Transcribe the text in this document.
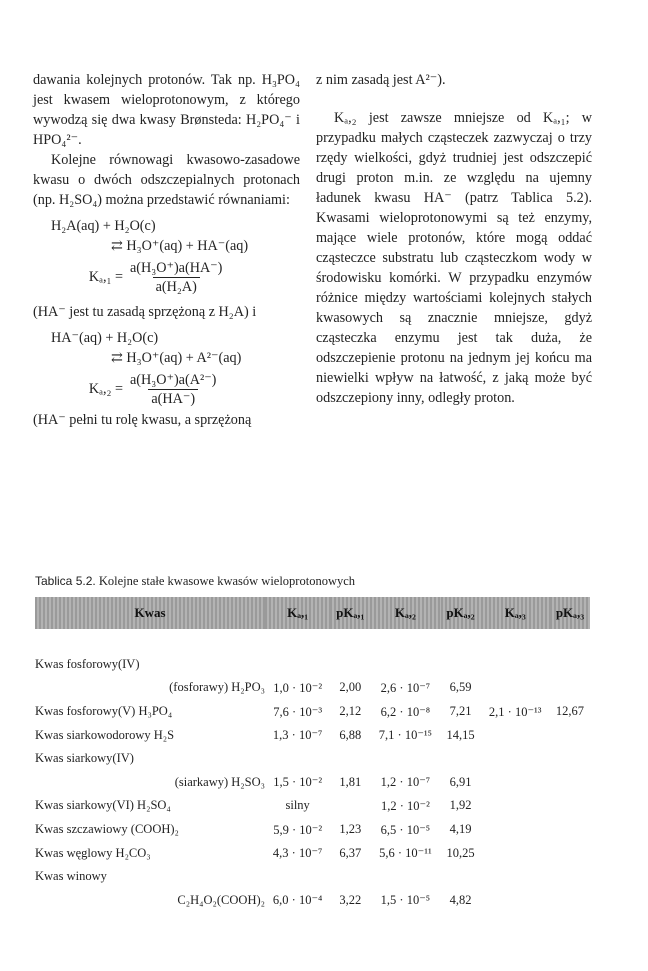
dawania kolejnych protonów. Tak np. H₃PO₄ jest kwasem wieloprotonowym, z którego wywodzą się dwa kwasy Brønsteda: H₂PO₄⁻ i HPO₄²⁻.

Kolejne równowagi kwasowo-zasadowe kwasu o dwóch odszczepialnych protonach (np. H₂SO₄) można przedstawić równaniami:

H₂A(aq) + H₂O(c)
⇄ H₃O⁺(aq) + HA⁻(aq)
$K_a,_1 = \frac{\text{a(H₃O⁺)a(HA⁻)}}{\text{a(H₂A)}}$

(HA⁻ jest tu zasadą sprzężoną z H₂A) i

HA⁻(aq) + H₂O(c)
⇄ H₃O⁺(aq) + A²⁻(aq)
$K_a,_2 = \frac{\text{a(H₃O⁺)a(A²⁻)}}{a(HA^-)}$

(HA⁻ pełni tu rolę kwasu, a sprzężoną

z nim zasadą jest A²⁻).

Kₐ,₂ jest zawsze mniejsze od Kₐ,₁; w przypadku małych cząsteczek zazwyczaj o trzy rzędy wielkości, gdyż trudniej jest odszczepić drugi proton m.in. ze względu na ujemny ładunek kwasu HA⁻ (patrz Tablica 5.2). Kwasami wieloprotonowymi są też enzymy, mające wiele protonów, które mogą oddać cząsteczce substratu lub cząsteczkom wody w środowisku komórki. W przypadku enzymów różnice między wartościami kolejnych stałych kwasowych są znacznie mniejsze, gdyż cząsteczka enzymu jest tak duża, że odszczepienie protonu na jednym jej końcu ma niewielki wpływ na łatwość, z jaką może być odszczepiony inny, odległy proton.

Tablica 5.2. Kolejne stałe kwasowe kwasów wieloprotonowych
Kwas	Kₐ,₁	pKₐ,₁	Kₐ,₂	pKₐ,₂	Kₐ,₃	pKₐ,₃

Kwas fosforowy(IV)						
(fosforawy) H₂PO₃	1,0 · 10⁻²	2,00	2,6 · 10⁻⁷	6,59		
Kwas fosforowy(V) H₃PO₄	7,6 · 10⁻³	2,12	6,2 · 10⁻⁸	7,21	2,1 · 10⁻¹³	12,67
Kwas siarkowodorowy H₂S	1,3 · 10⁻⁷	6,88	7,1 · 10⁻¹⁵	14,15		
Kwas siarkowy(IV)						
(siarkawy) H₂SO₃	1,5 · 10⁻²	1,81	1,2 · 10⁻⁷	6,91		
Kwas siarkowy(VI) H₂SO₄	silny		1,2 · 10⁻²	1,92		
Kwas szczawiowy (COOH)₂	5,9 · 10⁻²	1,23	6,5 · 10⁻⁵	4,19		
Kwas węglowy H₂CO₃	4,3 · 10⁻⁷	6,37	5,6 · 10⁻¹¹	10,25		
Kwas winowy						
C₂H₄O₂(COOH)₂	6,0 · 10⁻⁴	3,22	1,5 · 10⁻⁵	4,82		
